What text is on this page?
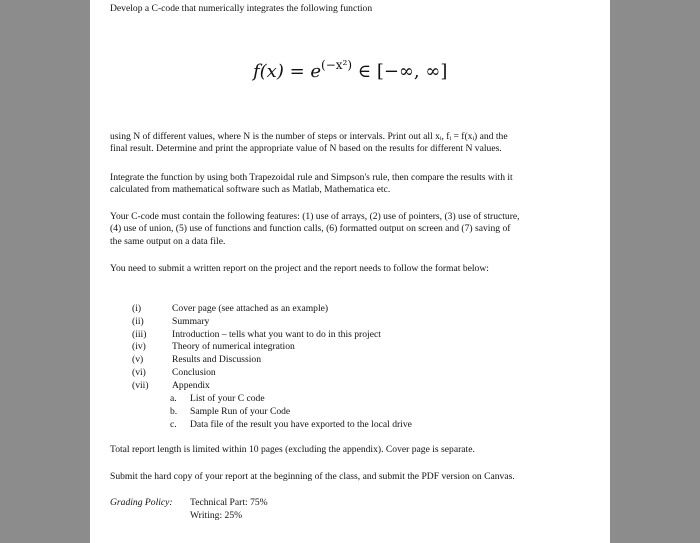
Develop a C-code that numerically integrates the following function
$f(x) = e^{(-x^2)}$ ∈ [−∞, ∞]

using N of different values, where N is the number of steps or intervals. Print out all xᵢ, fᵢ = f(xᵢ) and the

final result. Determine and print the appropriate value of N based on the results for different N values.

Integrate the function by using both Trapezoidal rule and Simpson's rule, then compare the results with it

calculated from mathematical software such as Matlab, Mathematica etc.

Your C-code must contain the following features: (1) use of arrays, (2) use of pointers, (3) use of structure,

(4) use of union, (5) use of functions and function calls, (6) formatted output on screen and (7) saving of

the same output on a data file.

You need to submit a written report on the project and the report needs to follow the format below:

(i)	Cover page (see attached as an example)
(ii)	Summary
(iii)	Introduction – tells what you want to do in this project
(iv)	Theory of numerical integration
(v)	Results and Discussion
(vi)	Conclusion
(vii)	Appendix
a.	List of your C code
b.	Sample Run of your Code
c.	Data file of the result you have exported to the local drive

Total report length is limited within 10 pages (excluding the appendix). Cover page is separate.

Submit the hard copy of your report at the beginning of the class, and submit the PDF version on Canvas.

Grading Policy: Technical Part: 75%
Writing: 25%
